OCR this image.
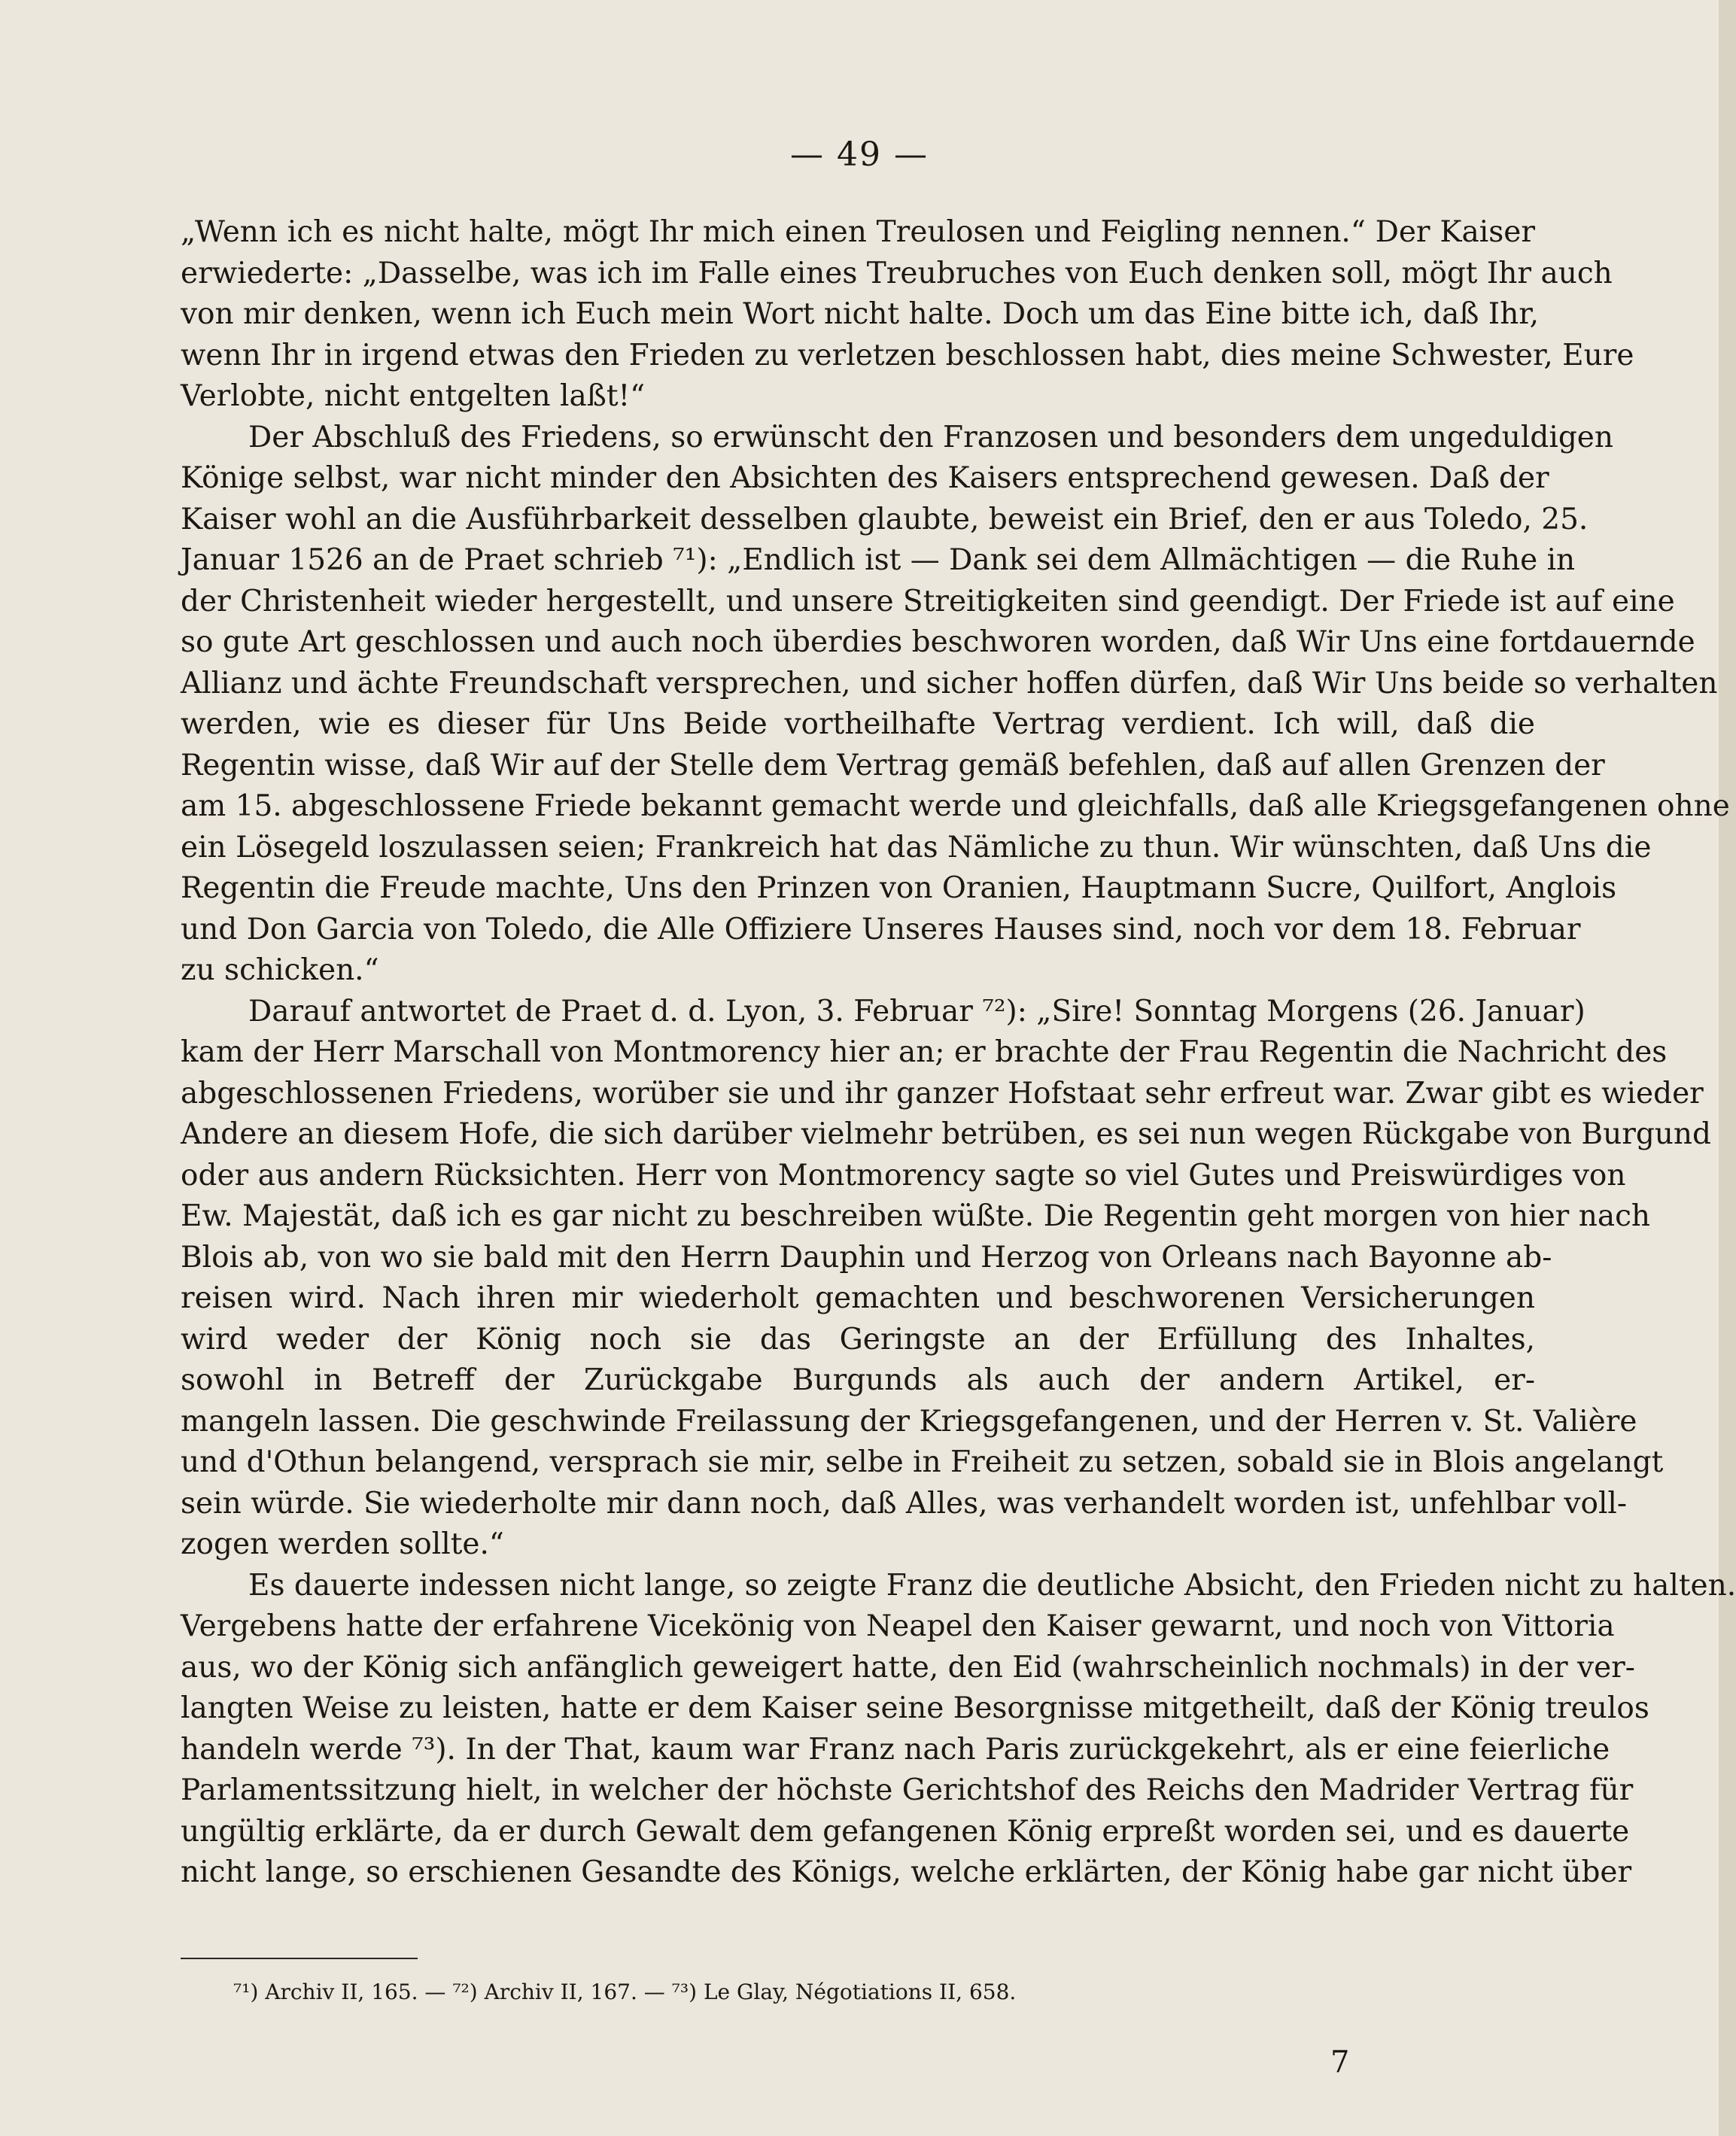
— 49 —
„Wenn ich es nicht halte, mögt Ihr mich einen Treulosen und Feigling nennen.“ Der Kaiser
erwiederte: „Dasselbe, was ich im Falle eines Treubruches von Euch denken soll, mögt Ihr auch
von mir denken, wenn ich Euch mein Wort nicht halte. Doch um das Eine bitte ich, daß Ihr,
wenn Ihr in irgend etwas den Frieden zu verletzen beschlossen habt, dies meine Schwester, Eure
Verlobte, nicht entgelten laßt!“
Der Abschluß des Friedens, so erwünscht den Franzosen und besonders dem ungeduldigen
Könige selbst, war nicht minder den Absichten des Kaisers entsprechend gewesen. Daß der
Kaiser wohl an die Ausführbarkeit desselben glaubte, beweist ein Brief, den er aus Toledo, 25.
Januar 1526 an de Praet schrieb ⁷¹): „Endlich ist — Dank sei dem Allmächtigen — die Ruhe in
der Christenheit wieder hergestellt, und unsere Streitigkeiten sind geendigt. Der Friede ist auf eine
so gute Art geschlossen und auch noch überdies beschworen worden, daß Wir Uns eine fortdauernde
Allianz und ächte Freundschaft versprechen, und sicher hoffen dürfen, daß Wir Uns beide so verhalten
werden, wie es dieser für Uns Beide vortheilhafte Vertrag verdient. Ich will, daß die
Regentin wisse, daß Wir auf der Stelle dem Vertrag gemäß befehlen, daß auf allen Grenzen der
am 15. abgeschlossene Friede bekannt gemacht werde und gleichfalls, daß alle Kriegsgefangenen ohne
ein Lösegeld loszulassen seien; Frankreich hat das Nämliche zu thun. Wir wünschten, daß Uns die
Regentin die Freude machte, Uns den Prinzen von Oranien, Hauptmann Sucre, Quilfort, Anglois
und Don Garcia von Toledo, die Alle Offiziere Unseres Hauses sind, noch vor dem 18. Februar
zu schicken.“
Darauf antwortet de Praet d. d. Lyon, 3. Februar ⁷²): „Sire! Sonntag Morgens (26. Januar)
kam der Herr Marschall von Montmorency hier an; er brachte der Frau Regentin die Nachricht des
abgeschlossenen Friedens, worüber sie und ihr ganzer Hofstaat sehr erfreut war. Zwar gibt es wieder
Andere an diesem Hofe, die sich darüber vielmehr betrüben, es sei nun wegen Rückgabe von Burgund
oder aus andern Rücksichten. Herr von Montmorency sagte so viel Gutes und Preiswürdiges von
Ew. Majestät, daß ich es gar nicht zu beschreiben wüßte. Die Regentin geht morgen von hier nach
Blois ab, von wo sie bald mit den Herrn Dauphin und Herzog von Orleans nach Bayonne ab-
reisen wird. Nach ihren mir wiederholt gemachten und beschworenen Versicherungen
wird weder der König noch sie das Geringste an der Erfüllung des Inhaltes,
sowohl in Betreff der Zurückgabe Burgunds als auch der andern Artikel, er-
mangeln lassen. Die geschwinde Freilassung der Kriegsgefangenen, und der Herren v. St. Valière
und d'Othun belangend, versprach sie mir, selbe in Freiheit zu setzen, sobald sie in Blois angelangt
sein würde. Sie wiederholte mir dann noch, daß Alles, was verhandelt worden ist, unfehlbar voll-
zogen werden sollte.“
Es dauerte indessen nicht lange, so zeigte Franz die deutliche Absicht, den Frieden nicht zu halten.
Vergebens hatte der erfahrene Vicekönig von Neapel den Kaiser gewarnt, und noch von Vittoria
aus, wo der König sich anfänglich geweigert hatte, den Eid (wahrscheinlich nochmals) in der ver-
langten Weise zu leisten, hatte er dem Kaiser seine Besorgnisse mitgetheilt, daß der König treulos
handeln werde ⁷³). In der That, kaum war Franz nach Paris zurückgekehrt, als er eine feierliche
Parlamentssitzung hielt, in welcher der höchste Gerichtshof des Reichs den Madrider Vertrag für
ungültig erklärte, da er durch Gewalt dem gefangenen König erpreßt worden sei, und es dauerte
nicht lange, so erschienen Gesandte des Königs, welche erklärten, der König habe gar nicht über
⁷¹) Archiv II, 165. — ⁷²) Archiv II, 167. — ⁷³) Le Glay, Négotiations II, 658.
7
